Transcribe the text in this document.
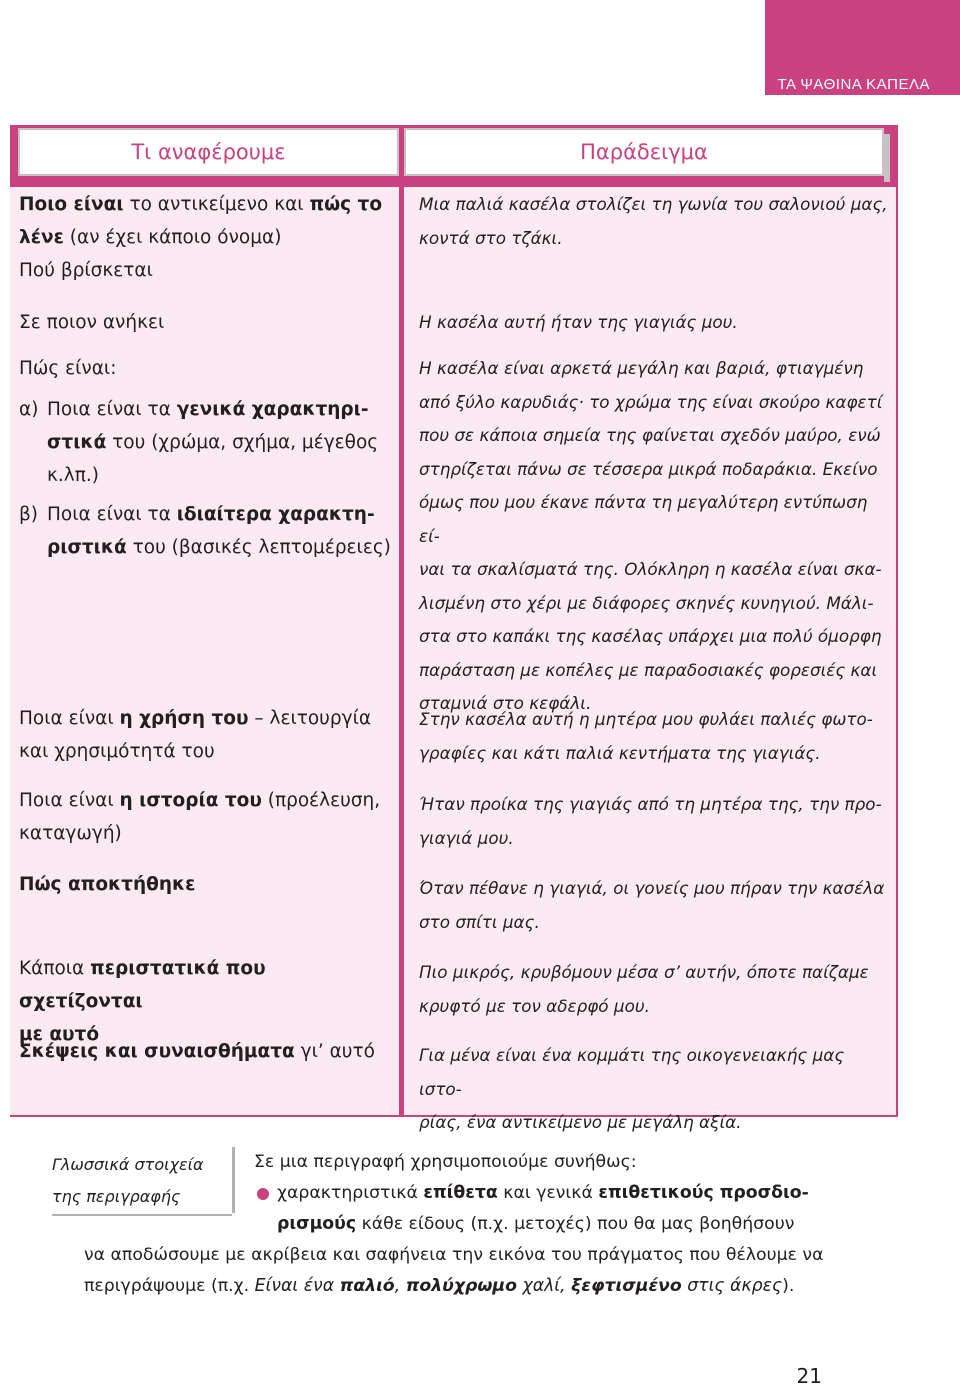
ΤΑ ΨΑΘΙΝΑ ΚΑΠΕΛΑ
Τι αναφέρουμε	Παράδειγμα
Ποιο είναι το αντικείμενο και πώς το
λένε (αν έχει κάποιο όνομα)
Πού βρίσκεται
Σε ποιον ανήκει
Πώς είναι:
α) Ποια είναι τα γενικά χαρακτηρι-
στικά του (χρώμα, σχήμα, μέγεθος
κ.λπ.)
β) Ποια είναι τα ιδιαίτερα χαρακτη-
ριστικά του (βασικές λεπτομέρειες)
Ποια είναι η χρήση του – λειτουργία
και χρησιμότητά του
Ποια είναι η ιστορία του (προέλευση,
καταγωγή)
Πώς αποκτήθηκε
Κάποια περιστατικά που σχετίζονται
με αυτό
Σκέψεις και συναισθήματα γι’ αυτό
Μια παλιά κασέλα στολίζει τη γωνία του σαλονιού μας,
κοντά στο τζάκι.
Η κασέλα αυτή ήταν της γιαγιάς μου.
Η κασέλα είναι αρκετά μεγάλη και βαριά, φτιαγμένη
από ξύλο καρυδιάς· το χρώμα της είναι σκούρο καφετί
που σε κάποια σημεία της φαίνεται σχεδόν μαύρο, ενώ
στηρίζεται πάνω σε τέσσερα μικρά ποδαράκια. Εκείνο
όμως που μου έκανε πάντα τη μεγαλύτερη εντύπωση εί-
ναι τα σκαλίσματά της. Ολόκληρη η κασέλα είναι σκα-
λισμένη στο χέρι με διάφορες σκηνές κυνηγιού. Μάλι-
στα στο καπάκι της κασέλας υπάρχει μια πολύ όμορφη
παράσταση με κοπέλες με παραδοσιακές φορεσιές και
σταμνιά στο κεφάλι.
Στην κασέλα αυτή η μητέρα μου φυλάει παλιές φωτο-
γραφίες και κάτι παλιά κεντήματα της γιαγιάς.
Ήταν προίκα της γιαγιάς από τη μητέρα της, την προ-
γιαγιά μου.
Όταν πέθανε η γιαγιά, οι γονείς μου πήραν την κασέλα
στο σπίτι μας.
Πιο μικρός, κρυβόμουν μέσα σ’ αυτήν, όποτε παίζαμε
κρυφτό με τον αδερφό μου.
Για μένα είναι ένα κομμάτι της οικογενειακής μας ιστο-
ρίας, ένα αντικείμενο με μεγάλη αξία.
Γλωσσικά στοιχεία
της περιγραφής
Σε μια περιγραφή χρησιμοποιούμε συνήθως:
χαρακτηριστικά επίθετα και γενικά επιθετικούς προσδιο-
ρισμούς κάθε είδους (π.χ. μετοχές) που θα μας βοηθήσουν
να αποδώσουμε με ακρίβεια και σαφήνεια την εικόνα του πράγματος που θέλουμε να
περιγράψουμε (π.χ. Είναι ένα παλιό, πολύχρωμο χαλί, ξεφτισμένο στις άκρες).
21
